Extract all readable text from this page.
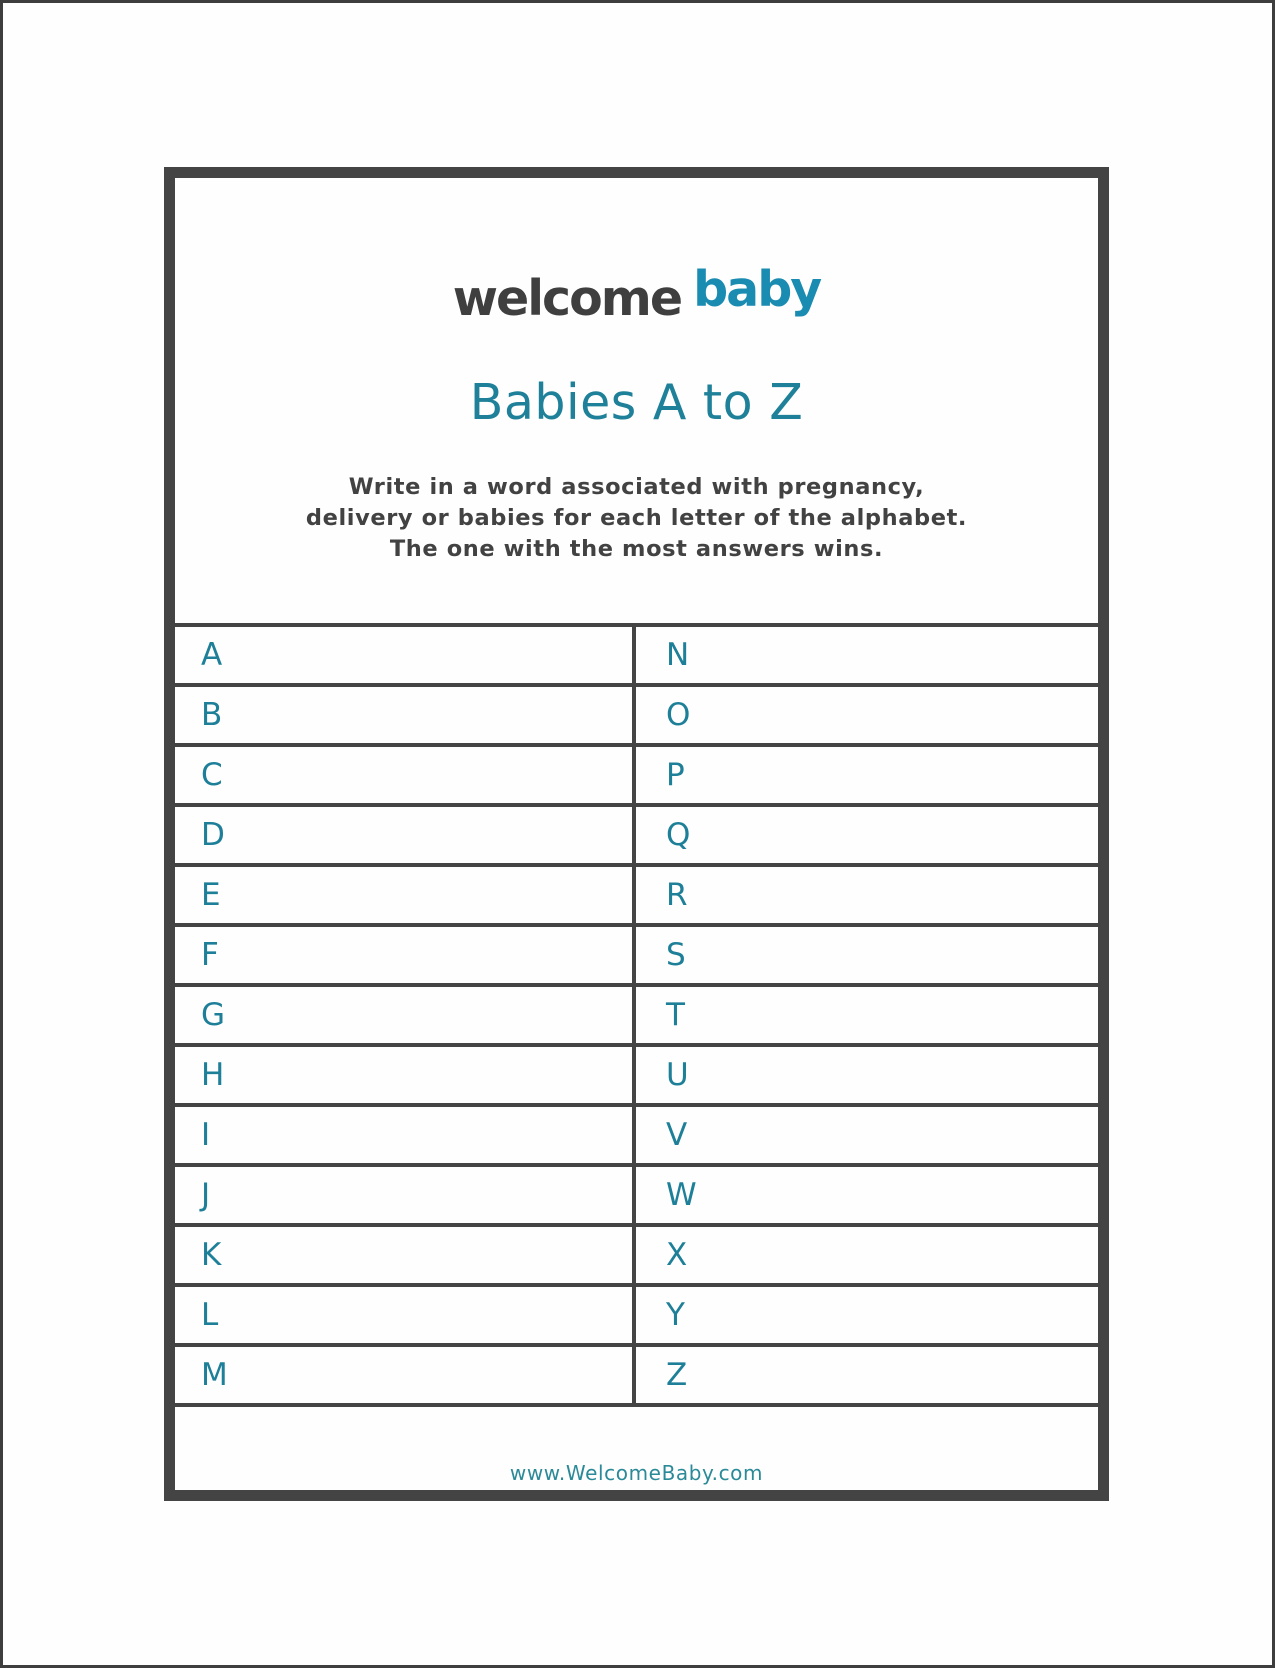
welcome baby
Babies A to Z
Write in a word associated with pregnancy,
delivery or babies for each letter of the alphabet.
The one with the most answers wins.
A	N
B	O
C	P
D	Q
E	R
F	S
G	T
H	U
I	V
J	W
K	X
L	Y
M	Z
www.WelcomeBaby.com
